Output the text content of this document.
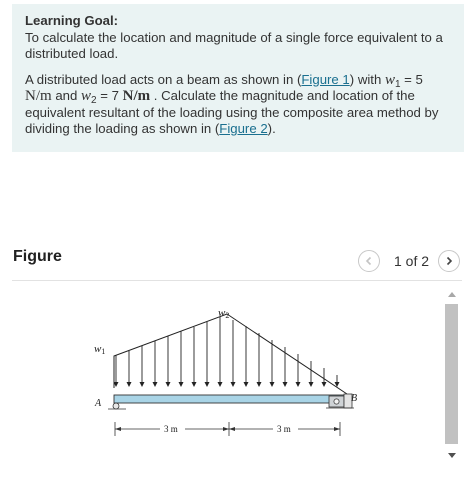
Learning Goal:
To calculate the location and magnitude of a single force equivalent to a distributed load.
A distributed load acts on a beam as shown in (Figure 1) with $w_1 = 5$ N/m and $w_2 = 7$ N/m . Calculate the magnitude and location of the equivalent resultant of the loading using the composite area method by dividing the loading as shown in (Figure 2).
Figure	1 of 2
w1
w2
A	B
3 m	3 m
